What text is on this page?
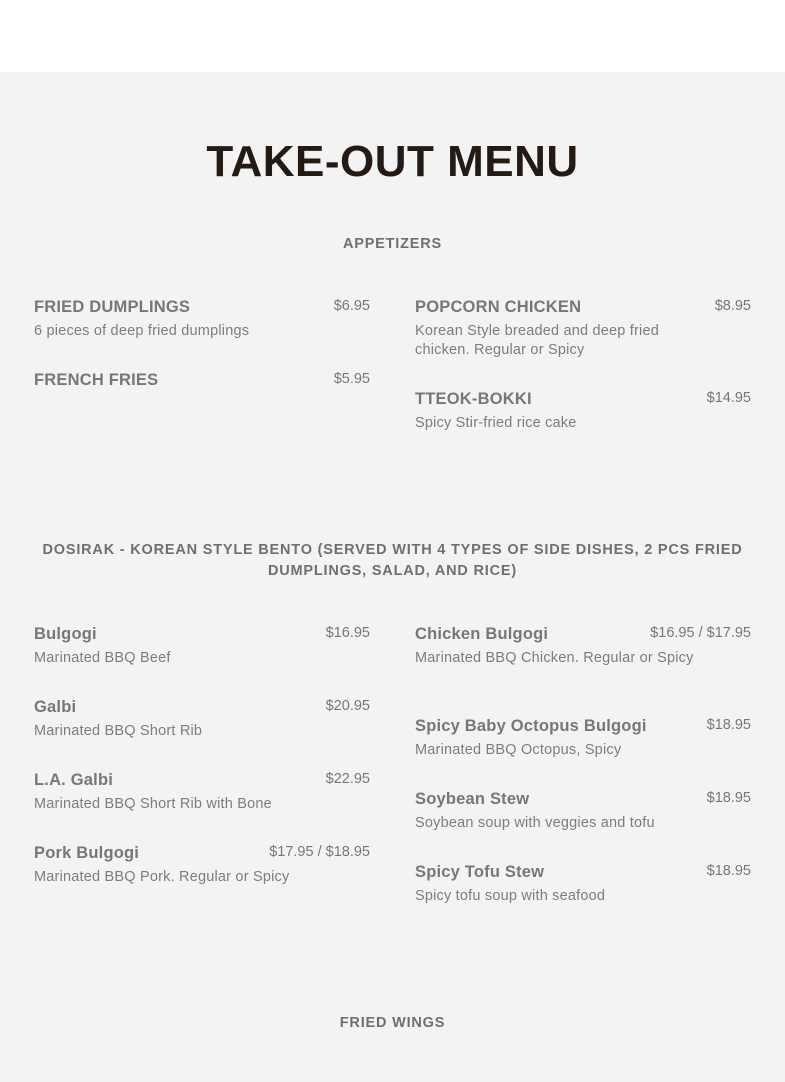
TAKE-OUT MENU
APPETIZERS
FRIED DUMPLINGS	$6.95
6 pieces of deep fried dumplings
FRENCH FRIES	$5.95
POPCORN CHICKEN	$8.95
Korean Style breaded and deep fried chicken. Regular or Spicy
TTEOK-BOKKI	$14.95
Spicy Stir-fried rice cake
DOSIRAK - KOREAN STYLE BENTO (SERVED WITH 4 TYPES OF SIDE DISHES, 2 PCS FRIED DUMPLINGS, SALAD, AND RICE)
Bulgogi	$16.95
Marinated BBQ Beef
Galbi	$20.95
Marinated BBQ Short Rib
L.A. Galbi	$22.95
Marinated BBQ Short Rib with Bone
Pork Bulgogi	$17.95 / $18.95
Marinated BBQ Pork. Regular or Spicy
Chicken Bulgogi	$16.95 / $17.95
Marinated BBQ Chicken. Regular or Spicy
Spicy Baby Octopus Bulgogi	$18.95
Marinated BBQ Octopus, Spicy
Soybean Stew	$18.95
Soybean soup with veggies and tofu
Spicy Tofu Stew	$18.95
Spicy tofu soup with seafood
FRIED WINGS
